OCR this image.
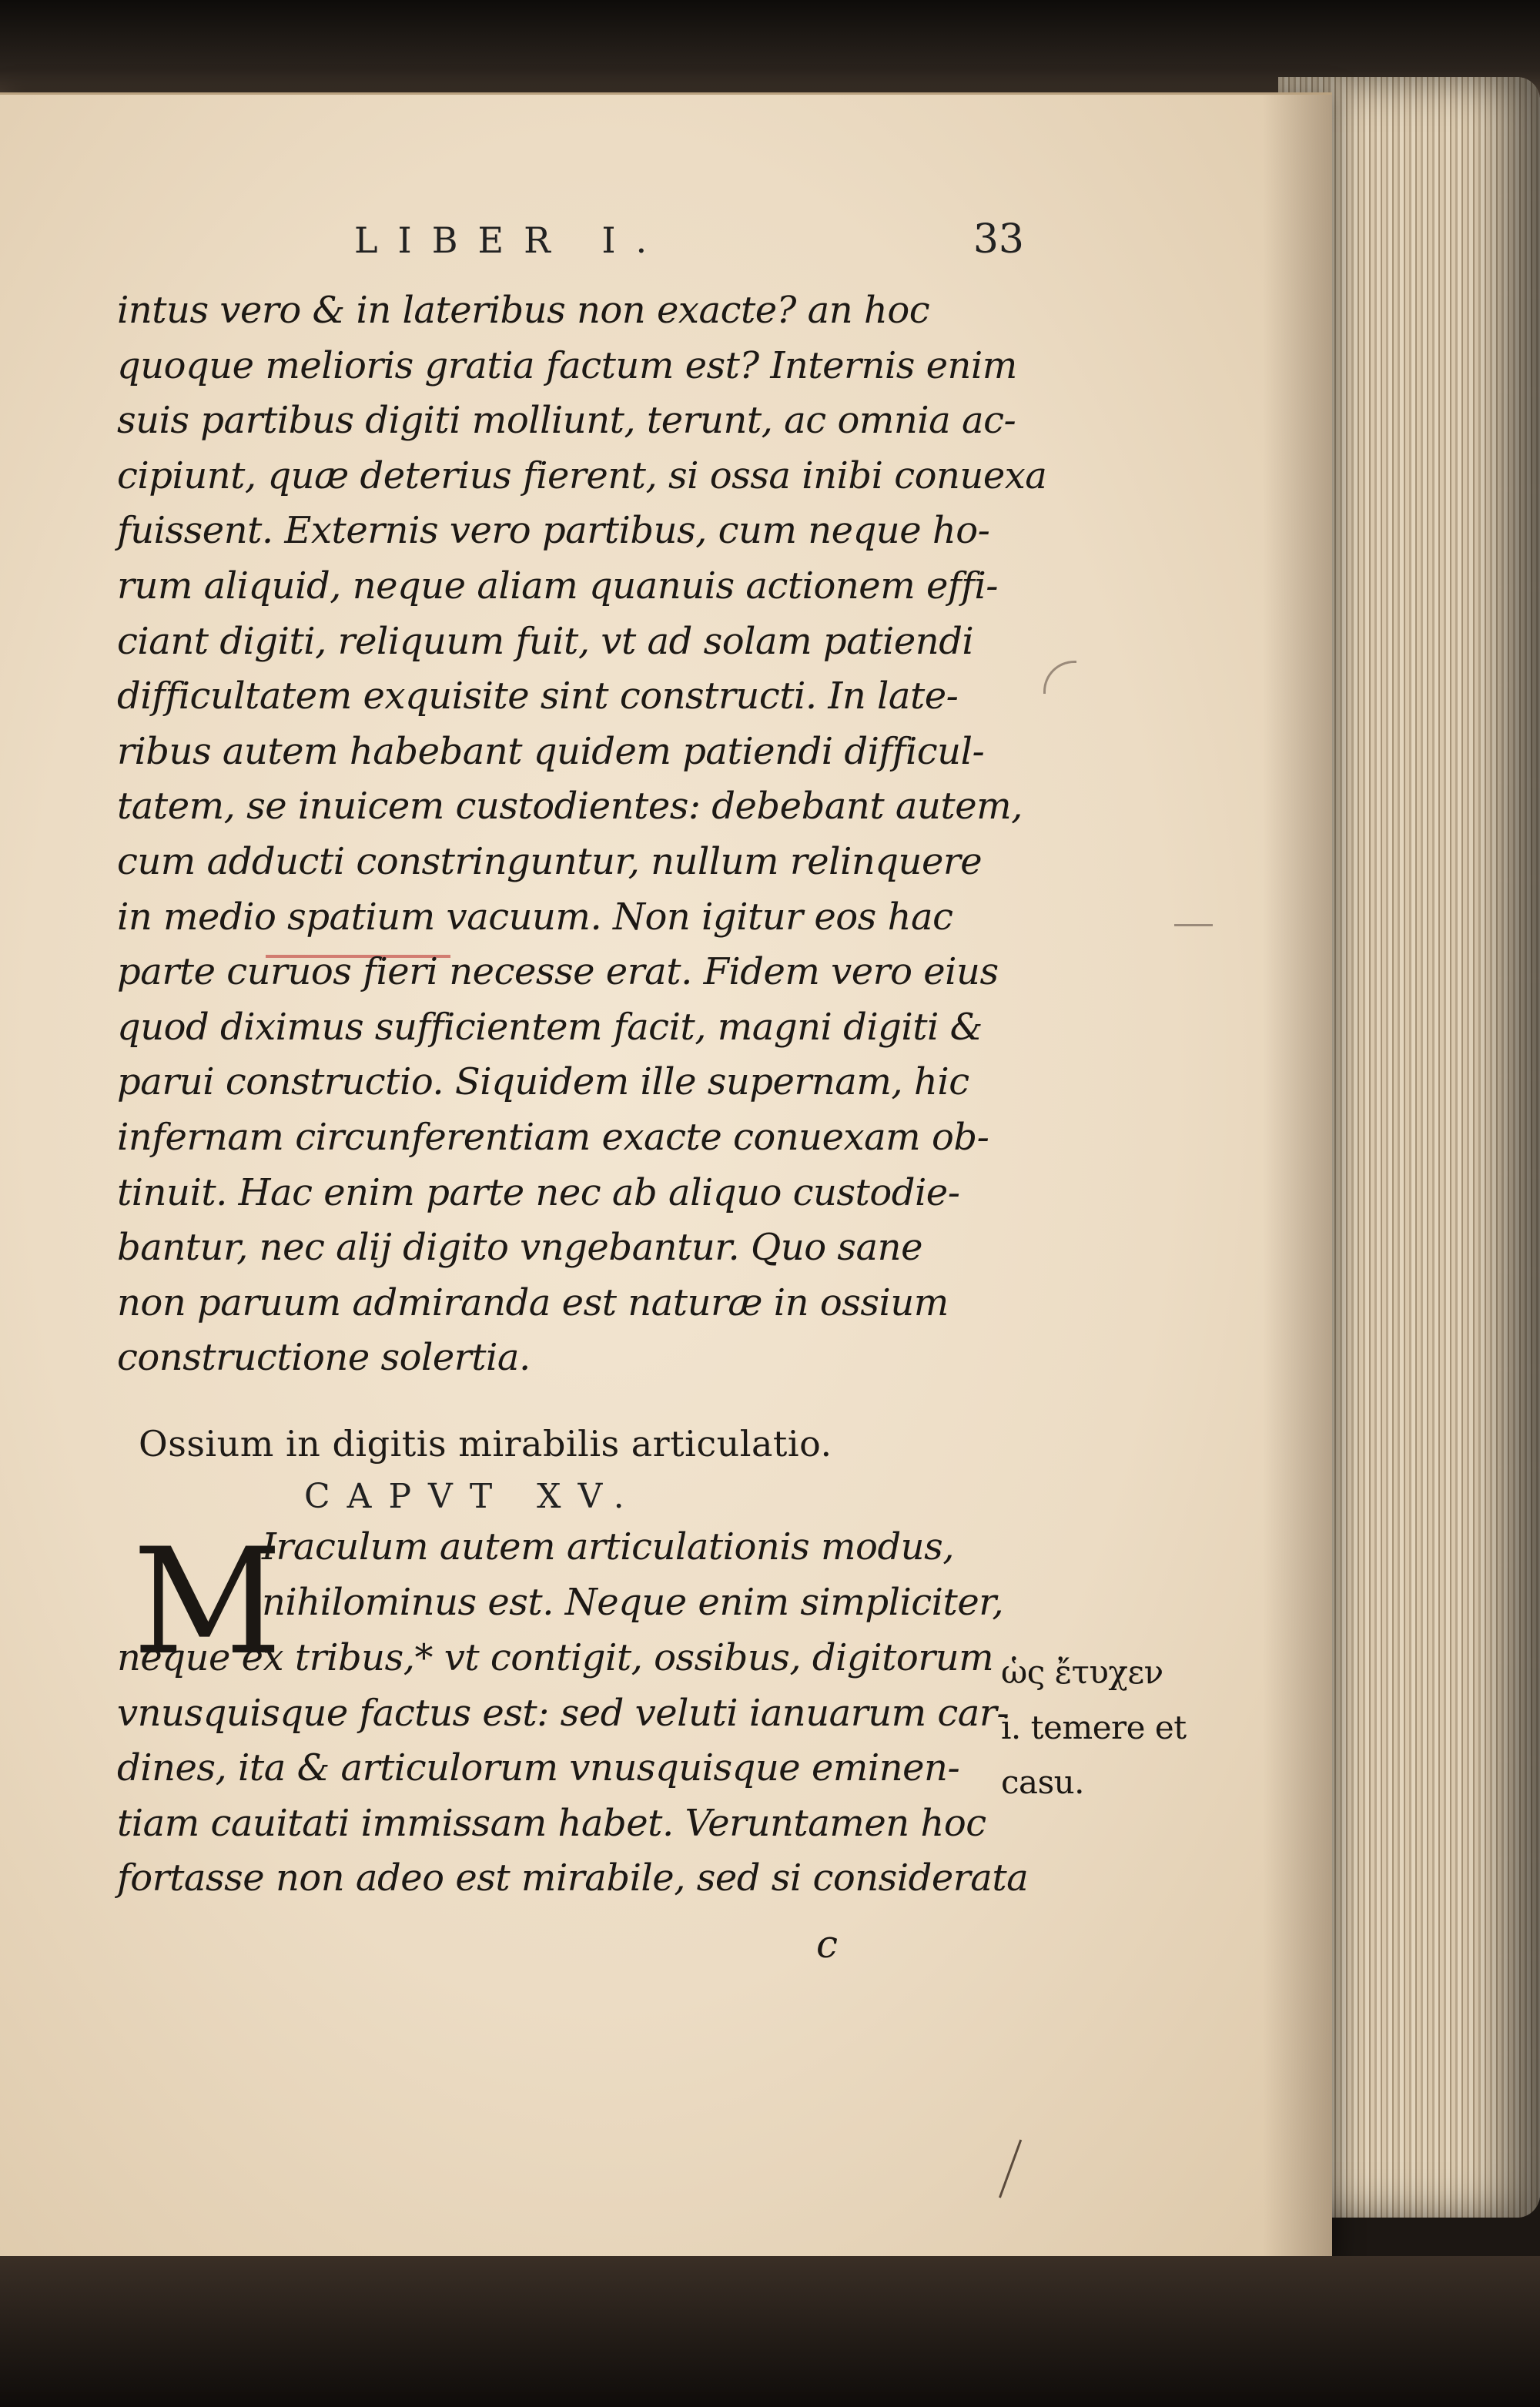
LIBER I.	33
intus vero & in lateribus non exacte? an hoc
quoque melioris gratia factum est? Internis enim
suis partibus digiti molliunt, terunt, ac omnia ac-
cipiunt, quæ deterius fierent, si ossa inibi conuexa
fuissent. Externis vero partibus, cum neque ho-
rum aliquid, neque aliam quanuis actionem effi-
ciant digiti, reliquum fuit, vt ad solam patiendi
difficultatem exquisite sint constructi. In late-
ribus autem habebant quidem patiendi difficul-
tatem, se inuicem custodientes: debebant autem,
cum adducti constringuntur, nullum relinquere
in medio spatium vacuum. Non igitur eos hac
parte curuos fieri necesse erat. Fidem vero eius
quod diximus sufficientem facit, magni digiti &
parui constructio. Siquidem ille supernam, hic
infernam circunferentiam exacte conuexam ob-
tinuit. Hac enim parte nec ab aliquo custodie-
bantur, nec alij digito vngebantur. Quo sane
non paruum admiranda est naturæ in ossium
constructione solertia.
Ossium in digitis mirabilis articulatio.
CAPVT XV.
M
Iraculum autem articulationis modus,
nihilominus est. Neque enim simpliciter,
neque ex tribus,* vt contigit, ossibus, digitorum
vnusquisque factus est: sed veluti ianuarum car-
dines, ita & articulorum vnusquisque eminen-
tiam cauitati immissam habet. Veruntamen hoc
fortasse non adeo est mirabile, sed si considerata
ὡς ἔτυχεν
i. temere et
casu.
c
